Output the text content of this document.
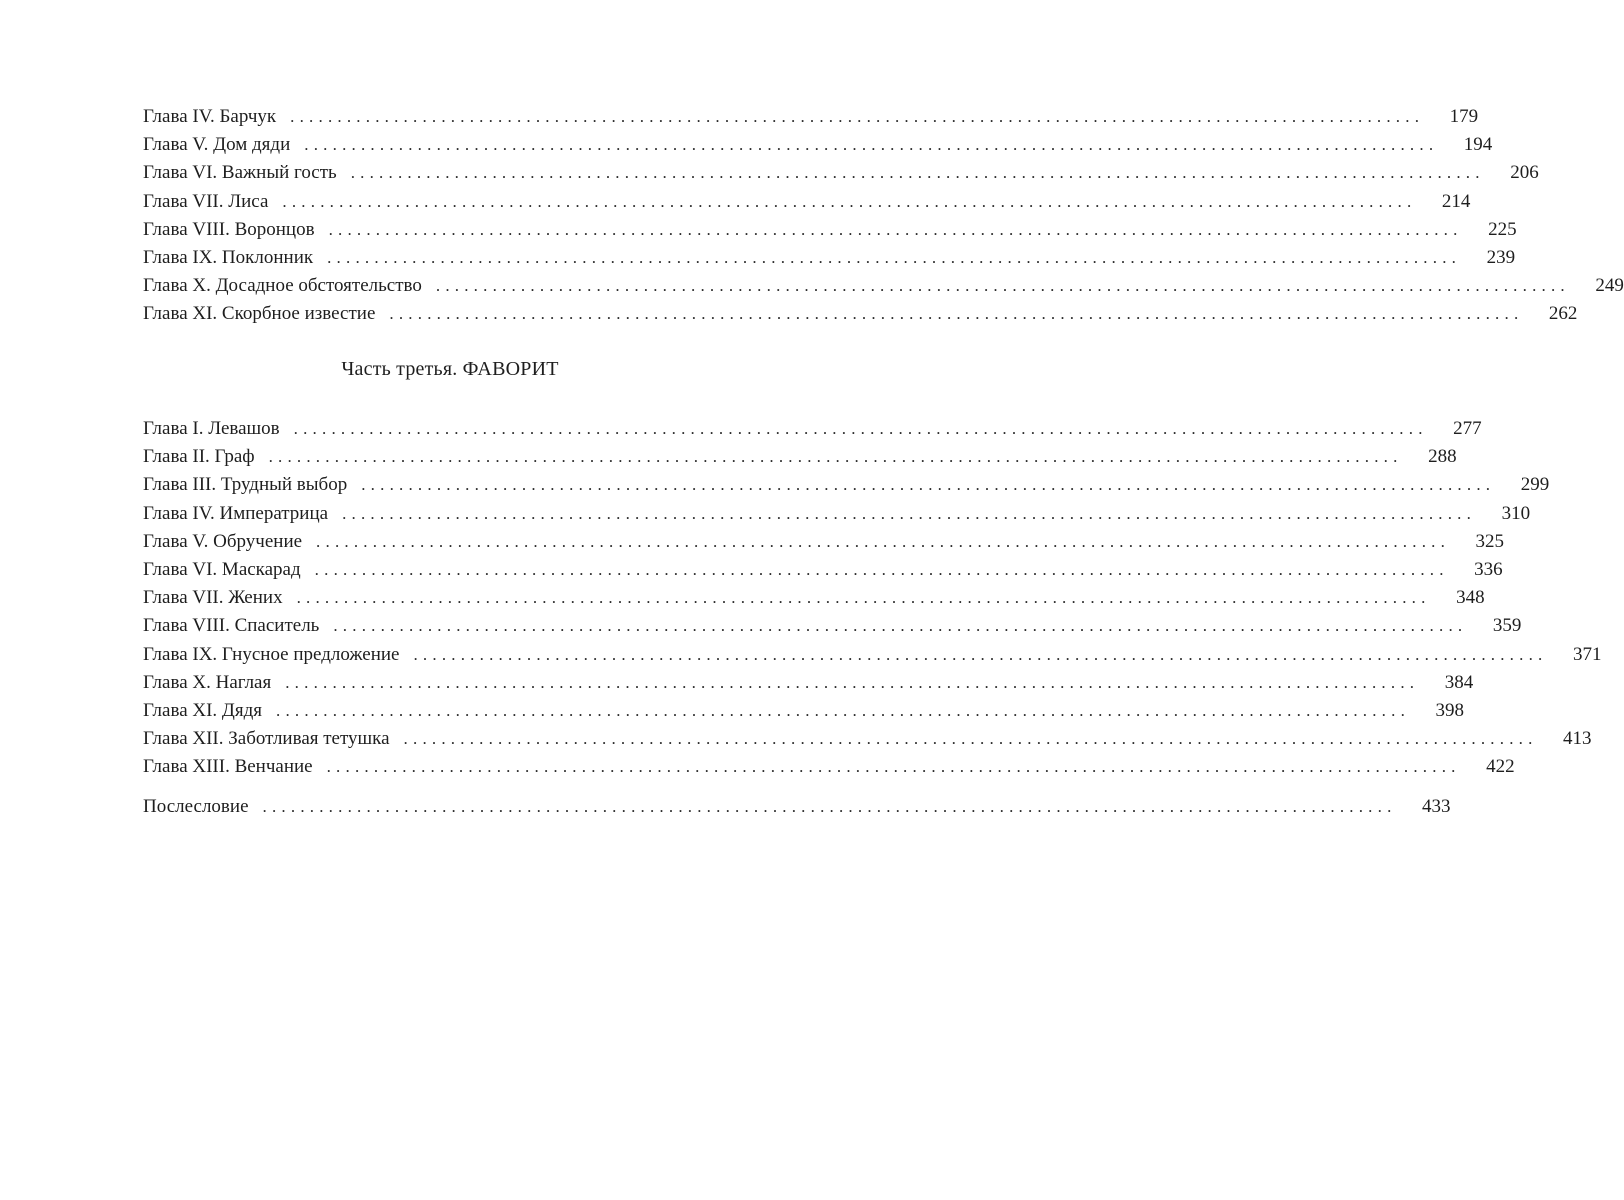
Глава IV. Барчук ........................................................................................................................ 179
Глава V. Дом дяди ........................................................................................................................ 194
Глава VI. Важный гость ........................................................................................................................ 206
Глава VII. Лиса ........................................................................................................................ 214
Глава VIII. Воронцов ........................................................................................................................ 225
Глава IX. Поклонник ........................................................................................................................ 239
Глава X. Досадное обстоятельство ........................................................................................................................ 249
Глава XI. Скорбное известие ........................................................................................................................ 262
Часть третья. ФАВОРИТ
Глава I. Левашов ........................................................................................................................ 277
Глава II. Граф ........................................................................................................................ 288
Глава III. Трудный выбор ........................................................................................................................ 299
Глава IV. Императрица ........................................................................................................................ 310
Глава V. Обручение ........................................................................................................................ 325
Глава VI. Маскарад ........................................................................................................................ 336
Глава VII. Жених ........................................................................................................................ 348
Глава VIII. Спаситель ........................................................................................................................ 359
Глава IX. Гнусное предложение ........................................................................................................................ 371
Глава X. Наглая ........................................................................................................................ 384
Глава XI. Дядя ........................................................................................................................ 398
Глава XII. Заботливая тетушка ........................................................................................................................ 413
Глава XIII. Венчание ........................................................................................................................ 422
Послесловие ........................................................................................................................ 433
